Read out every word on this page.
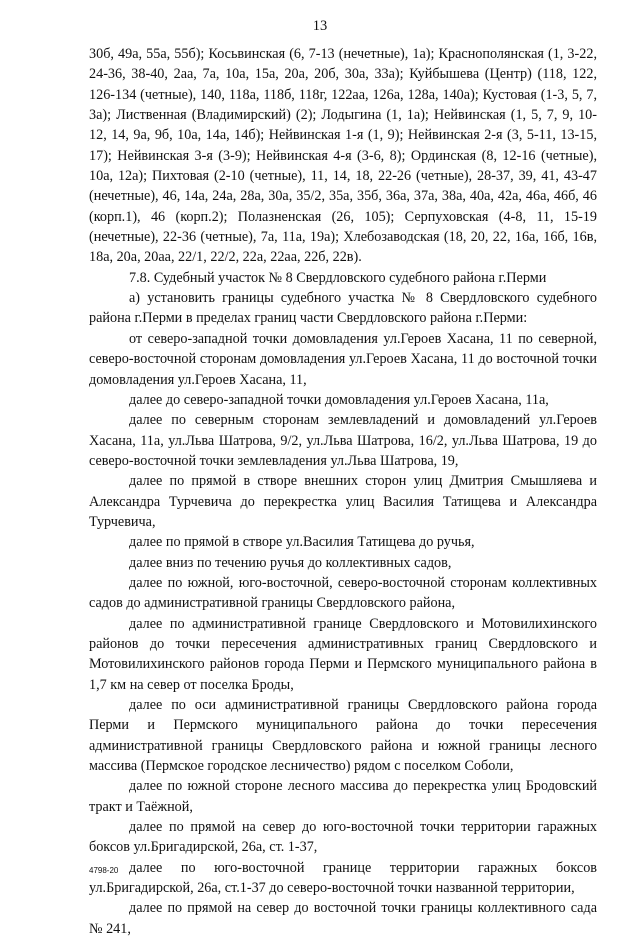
13

30б, 49а, 55а, 55б); Косьвинская (6, 7-13 (нечетные), 1а); Краснополянская (1, 3-22, 24-36, 38-40, 2аа, 7а, 10а, 15а, 20а, 20б, 30а, 33а); Куйбышева (Центр) (118, 122, 126-134 (четные), 140, 118а, 118б, 118г, 122аа, 126а, 128а, 140а); Кустовая (1-3, 5, 7, 3а); Лиственная (Владимирский) (2); Лодыгина (1, 1а); Нейвинская (1, 5, 7, 9, 10-12, 14, 9а, 9б, 10а, 14а, 14б); Нейвинская 1-я (1, 9); Нейвинская 2-я (3, 5-11, 13-15, 17); Нейвинская 3-я (3-9); Нейвинская 4-я (3-6, 8); Ординская (8, 12-16 (четные), 10а, 12а); Пихтовая (2-10 (четные), 11, 14, 18, 22-26 (четные), 28-37, 39, 41, 43-47 (нечетные), 46, 14а, 24а, 28а, 30а, 35/2, 35а, 35б, 36а, 37а, 38а, 40а, 42а, 46а, 46б, 46 (корп.1), 46 (корп.2); Полазненская (26, 105); Серпуховская (4-8, 11, 15-19 (нечетные), 22-36 (четные), 7а, 11а, 19а); Хлебозаводская (18, 20, 22, 16а, 16б, 16в, 18а, 20а, 20аа, 22/1, 22/2, 22а, 22аа, 22б, 22в).

7.8. Судебный участок № 8 Свердловского судебного района г.Перми

а) установить границы судебного участка № 8 Свердловского судебного района г.Перми в пределах границ части Свердловского района г.Перми:

от северо-западной точки домовладения ул.Героев Хасана, 11 по северной, северо-восточной сторонам домовладения ул.Героев Хасана, 11 до восточной точки домовладения ул.Героев Хасана, 11,

далее до северо-западной точки домовладения ул.Героев Хасана, 11а,

далее по северным сторонам землевладений и домовладений ул.Героев Хасана, 11а, ул.Льва Шатрова, 9/2, ул.Льва Шатрова, 16/2, ул.Льва Шатрова, 19 до северо-восточной точки землевладения ул.Льва Шатрова, 19,

далее по прямой в створе внешних сторон улиц Дмитрия Смышляева и Александра Турчевича до перекрестка улиц Василия Татищева и Александра Турчевича,

далее по прямой в створе ул.Василия Татищева до ручья,

далее вниз по течению ручья до коллективных садов,

далее по южной, юго-восточной, северо-восточной сторонам коллективных садов до административной границы Свердловского района,

далее по административной границе Свердловского и Мотовилихинского районов до точки пересечения административных границ Свердловского и Мотовилихинского районов города Перми и Пермского муниципального района в 1,7 км на север от поселка Броды,

далее по оси административной границы Свердловского района города Перми и Пермского муниципального района до точки пересечения административной границы Свердловского района и южной границы лесного массива (Пермское городское лесничество) рядом с поселком Соболи,

далее по южной стороне лесного массива до перекрестка улиц Бродовский тракт и Таёжной,

далее по прямой на север до юго-восточной точки территории гаражных боксов ул.Бригадирской, 26а, ст. 1-37,

далее по юго-восточной границе территории гаражных боксов ул.Бригадирской, 26а, ст.1-37 до северо-восточной точки названной территории,

далее по прямой на север до восточной точки границы коллективного сада № 241,

4798-20
